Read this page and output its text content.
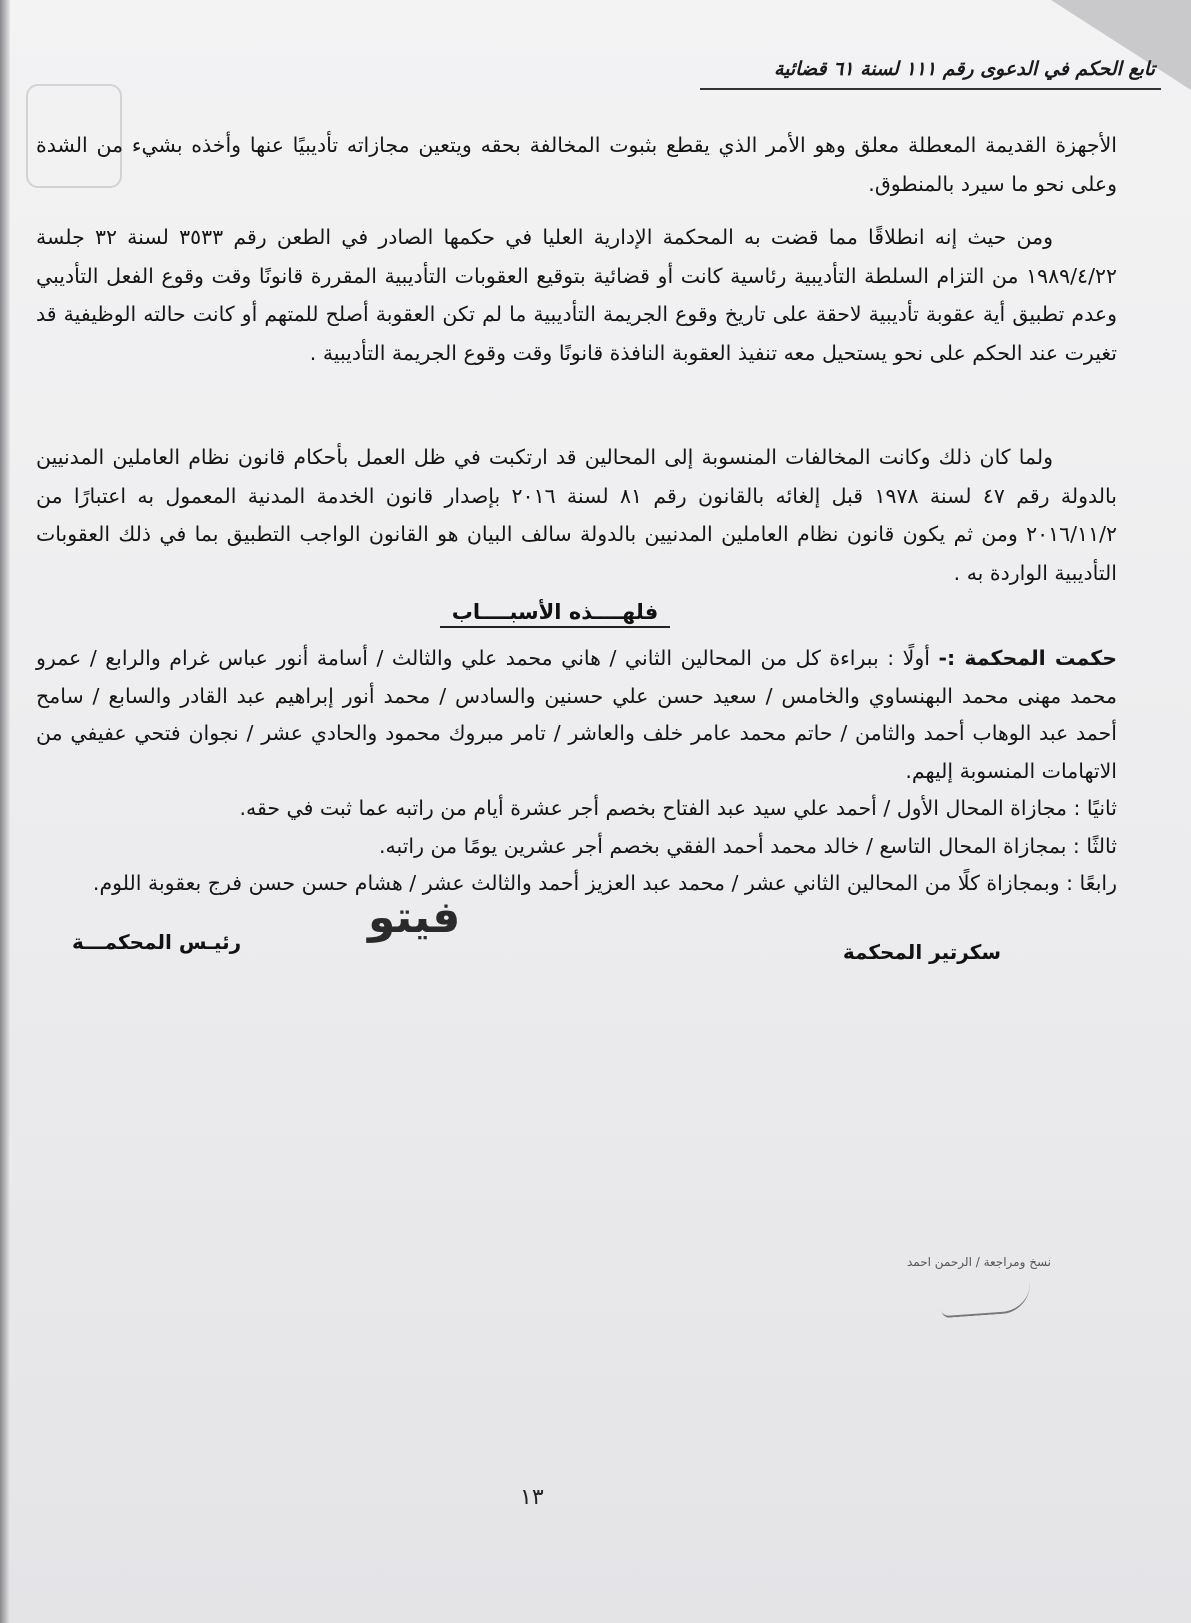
تابع الحكم في الدعوى رقم ١١١ لسنة ٦١ قضائية

الأجهزة القديمة المعطلة معلق وهو الأمر الذي يقطع بثبوت المخالفة بحقه ويتعين مجازاته تأديبيًا عنها وأخذه بشيء من الشدة وعلى نحو ما سيرد بالمنطوق.

ومن حيث إنه انطلاقًا مما قضت به المحكمة الإدارية العليا في حكمها الصادر في الطعن رقم ٣٥٣٣ لسنة ٣٢ جلسة ١٩٨٩/٤/٢٢ من التزام السلطة التأديبية رئاسية كانت أو قضائية بتوقيع العقوبات التأديبية المقررة قانونًا وقت وقوع الفعل التأديبي وعدم تطبيق أية عقوبة تأديبية لاحقة على تاريخ وقوع الجريمة التأديبية ما لم تكن العقوبة أصلح للمتهم أو كانت حالته الوظيفية قد تغيرت عند الحكم على نحو يستحيل معه تنفيذ العقوبة النافذة قانونًا وقت وقوع الجريمة التأديبية .

ولما كان ذلك وكانت المخالفات المنسوبة إلى المحالين قد ارتكبت في ظل العمل بأحكام قانون نظام العاملين المدنيين بالدولة رقم ٤٧ لسنة ١٩٧٨ قبل إلغائه بالقانون رقم ٨١ لسنة ٢٠١٦ بإصدار قانون الخدمة المدنية المعمول به اعتبارًا من ٢٠١٦/١١/٢ ومن ثم يكون قانون نظام العاملين المدنيين بالدولة سالف البيان هو القانون الواجب التطبيق بما في ذلك العقوبات التأديبية الواردة به .

فلهــــذه الأسبــــاب
حكمت المحكمة :- أولًا : ببراءة كل من المحالين الثاني / هاني محمد علي والثالث / أسامة أنور عباس غرام والرابع / عمرو محمد مهنى محمد البهنساوي والخامس / سعيد حسن علي حسنين والسادس / محمد أنور إبراهيم عبد القادر والسابع / سامح أحمد عبد الوهاب أحمد والثامن / حاتم محمد عامر خلف والعاشر / تامر مبروك محمود والحادي عشر / نجوان فتحي عفيفي من الاتهامات المنسوبة إليهم.
ثانيًا : مجازاة المحال الأول / أحمد علي سيد عبد الفتاح بخصم أجر عشرة أيام من راتبه عما ثبت في حقه.
ثالثًا : بمجازاة المحال التاسع / خالد محمد أحمد الفقي بخصم أجر عشرين يومًا من راتبه.
رابعًا : وبمجازاة كلًا من المحالين الثاني عشر / محمد عبد العزيز أحمد والثالث عشر / هشام حسن حسن فرج بعقوبة اللوم.
فيتو
سكرتير المحكمة
رئيـس المحكمـــة
نسخ ومراجعة / الرحمن احمد
١٣
